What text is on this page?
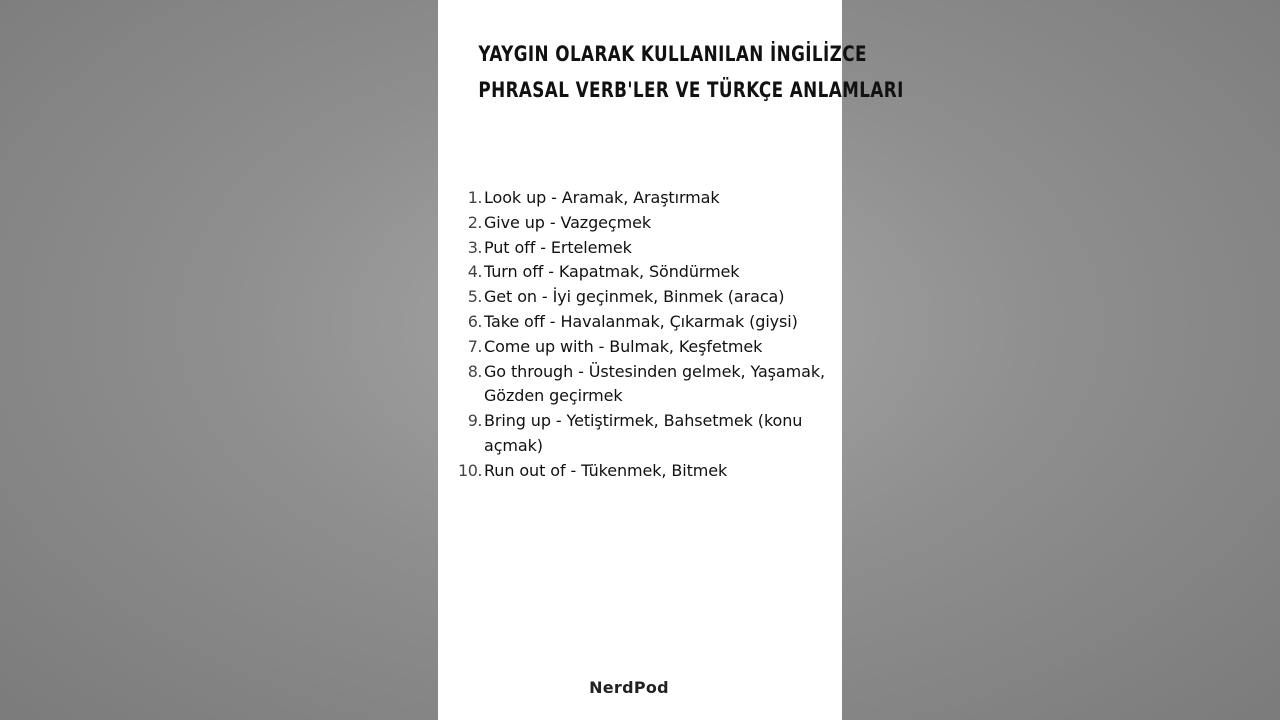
YAYGIN OLARAK KULLANILAN İNGİLİZCE
PHRASAL VERB'LER VE TÜRKÇE ANLAMLARI
1. Look up - Aramak, Araştırmak
2. Give up - Vazgeçmek
3. Put off - Ertelemek
4. Turn off - Kapatmak, Söndürmek
5. Get on - İyi geçinmek, Binmek (araca)
6. Take off - Havalanmak, Çıkarmak (giysi)
7. Come up with - Bulmak, Keşfetmek
8. Go through - Üstesinden gelmek, Yaşamak, Gözden geçirmek
9. Bring up - Yetiştirmek, Bahsetmek (konu açmak)
10. Run out of - Tükenmek, Bitmek
NerdPod
